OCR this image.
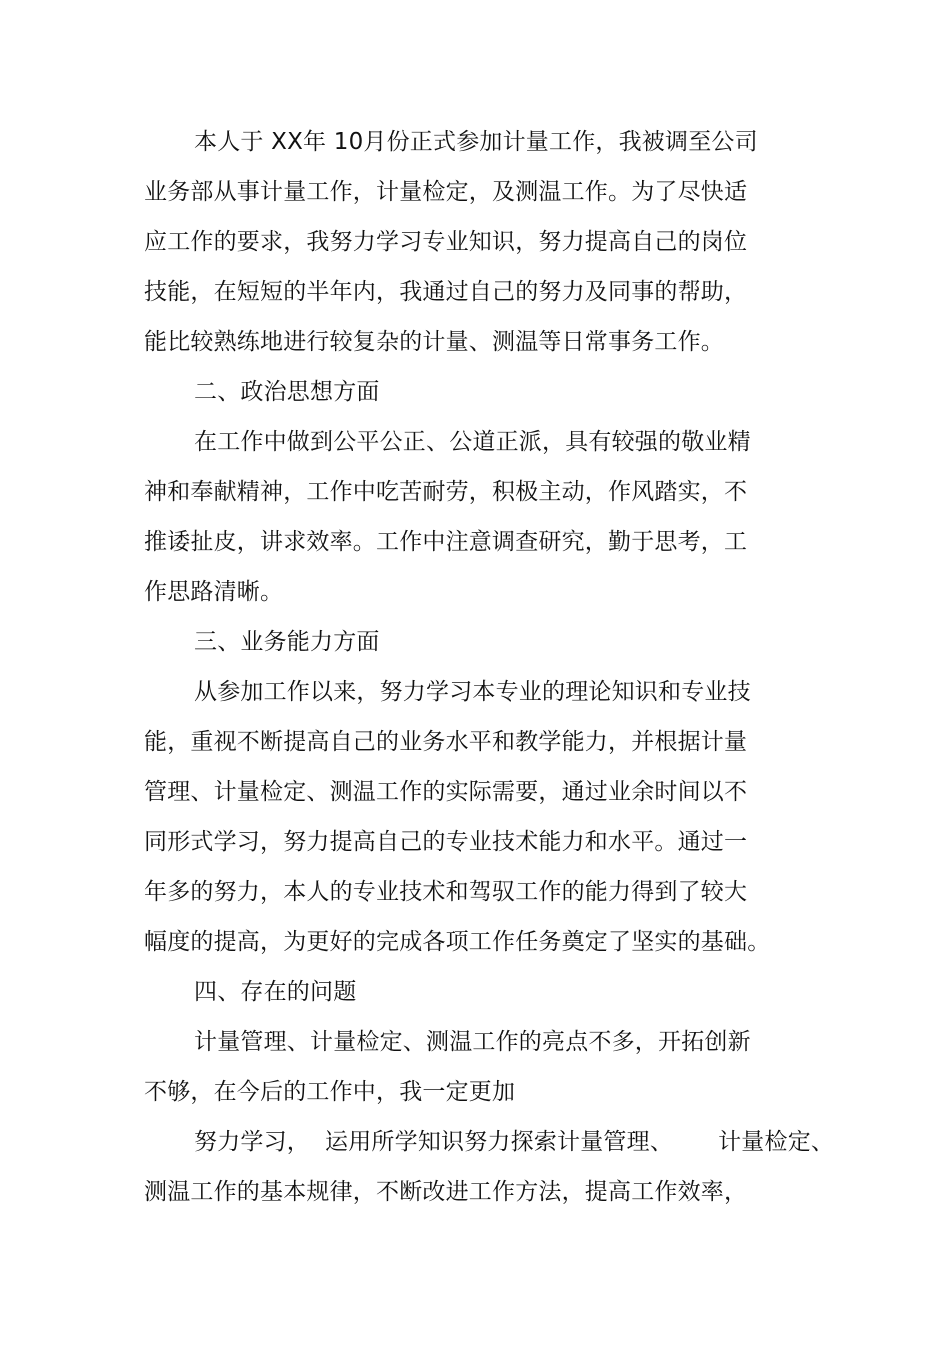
本人于 XX年 10月份正式参加计量工作，我被调至公司
业务部从事计量工作，计量检定，及测温工作。为了尽快适
应工作的要求，我努力学习专业知识，努力提高自己的岗位
技能，在短短的半年内，我通过自己的努力及同事的帮助，
能比较熟练地进行较复杂的计量、测温等日常事务工作。
二、政治思想方面
在工作中做到公平公正、公道正派，具有较强的敬业精
神和奉献精神，工作中吃苦耐劳，积极主动，作风踏实，不
推诿扯皮，讲求效率。工作中注意调查研究，勤于思考，工
作思路清晰。
三、业务能力方面
从参加工作以来，努力学习本专业的理论知识和专业技
能，重视不断提高自己的业务水平和教学能力，并根据计量
管理、计量检定、测温工作的实际需要，通过业余时间以不
同形式学习，努力提高自己的专业技术能力和水平。通过一
年多的努力，本人的专业技术和驾驭工作的能力得到了较大
幅度的提高，为更好的完成各项工作任务奠定了坚实的基础。
四、存在的问题
计量管理、计量检定、测温工作的亮点不多，开拓创新
不够，在今后的工作中，我一定更加
努力学习，  运用所学知识努力探索计量管理、      计量检定、
测温工作的基本规律，不断改进工作方法，提高工作效率，
